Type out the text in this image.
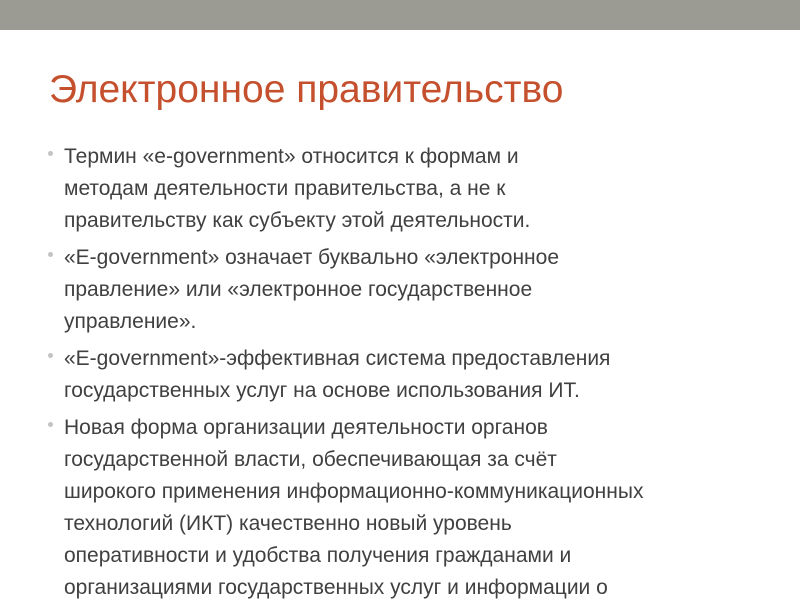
Электронное правительство
Термин «e-government» относится к формам и
методам деятельности правительства, а не к
правительству как субъекту этой деятельности.
«E-government» означает буквально «электронное
правление» или «электронное государственное
управление».
«E-government»-эффективная система предоставления
государственных услуг на основе использования ИТ.
Новая форма организации деятельности органов
государственной власти, обеспечивающая за счёт
широкого применения информационно-коммуникационных
технологий (ИКТ) качественно новый уровень
оперативности и удобства получения гражданами и
организациями государственных услуг и информации о
